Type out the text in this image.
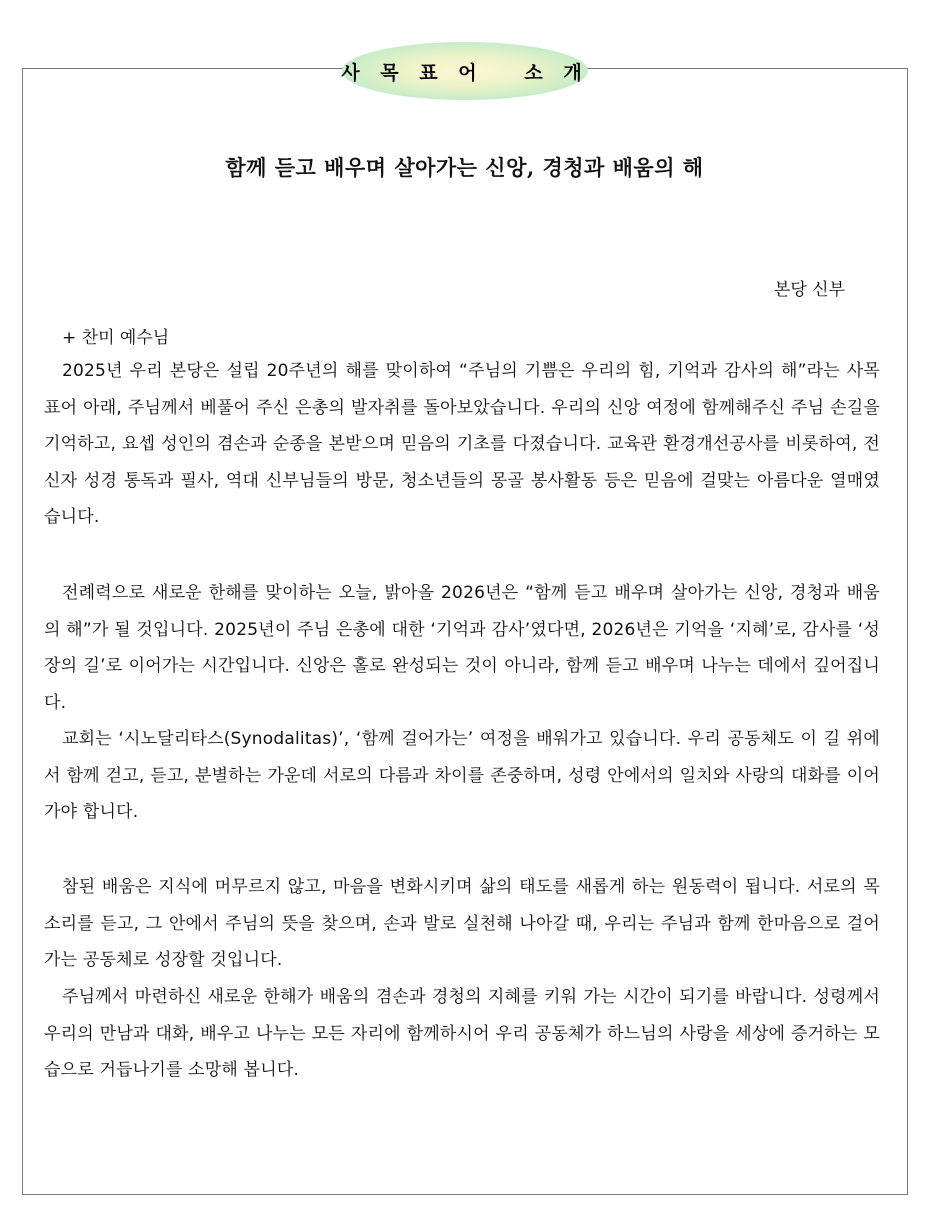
사 목 표 어   소 개
함께 듣고 배우며 살아가는 신앙, 경청과 배움의 해
본당 신부
+ 찬미 예수님

2025년 우리 본당은 설립 20주년의 해를 맞이하여 “주님의 기쁨은 우리의 힘, 기억과 감사의 해”라는 사목 표어 아래, 주님께서 베풀어 주신 은총의 발자취를 돌아보았습니다. 우리의 신앙 여정에 함께해주신 주님 손길을 기억하고, 요셉 성인의 겸손과 순종을 본받으며 믿음의 기초를 다졌습니다. 교육관 환경개선공사를 비롯하여, 전신자 성경 통독과 필사, 역대 신부님들의 방문, 청소년들의 몽골 봉사활동 등은 믿음에 걸맞는 아름다운 열매였습니다.

전례력으로 새로운 한해를 맞이하는 오늘, 밝아올 2026년은 “함께 듣고 배우며 살아가는 신앙, 경청과 배움의 해”가 될 것입니다. 2025년이 주님 은총에 대한 ‘기억과 감사’였다면, 2026년은 기억을 ‘지혜’로, 감사를 ‘성장의 길’로 이어가는 시간입니다. 신앙은 홀로 완성되는 것이 아니라, 함께 듣고 배우며 나누는 데에서 깊어집니다.

교회는 ‘시노달리타스(Synodalitas)’, ‘함께 걸어가는’ 여정을 배워가고 있습니다. 우리 공동체도 이 길 위에서 함께 걷고, 듣고, 분별하는 가운데 서로의 다름과 차이를 존중하며, 성령 안에서의 일치와 사랑의 대화를 이어가야 합니다.

참된 배움은 지식에 머무르지 않고, 마음을 변화시키며 삶의 태도를 새롭게 하는 원동력이 됩니다. 서로의 목소리를 듣고, 그 안에서 주님의 뜻을 찾으며, 손과 발로 실천해 나아갈 때, 우리는 주님과 함께 한마음으로 걸어가는 공동체로 성장할 것입니다.

주님께서 마련하신 새로운 한해가 배움의 겸손과 경청의 지혜를 키워 가는 시간이 되기를 바랍니다. 성령께서 우리의 만남과 대화, 배우고 나누는 모든 자리에 함께하시어 우리 공동체가 하느님의 사랑을 세상에 증거하는 모습으로 거듭나기를 소망해 봅니다.
